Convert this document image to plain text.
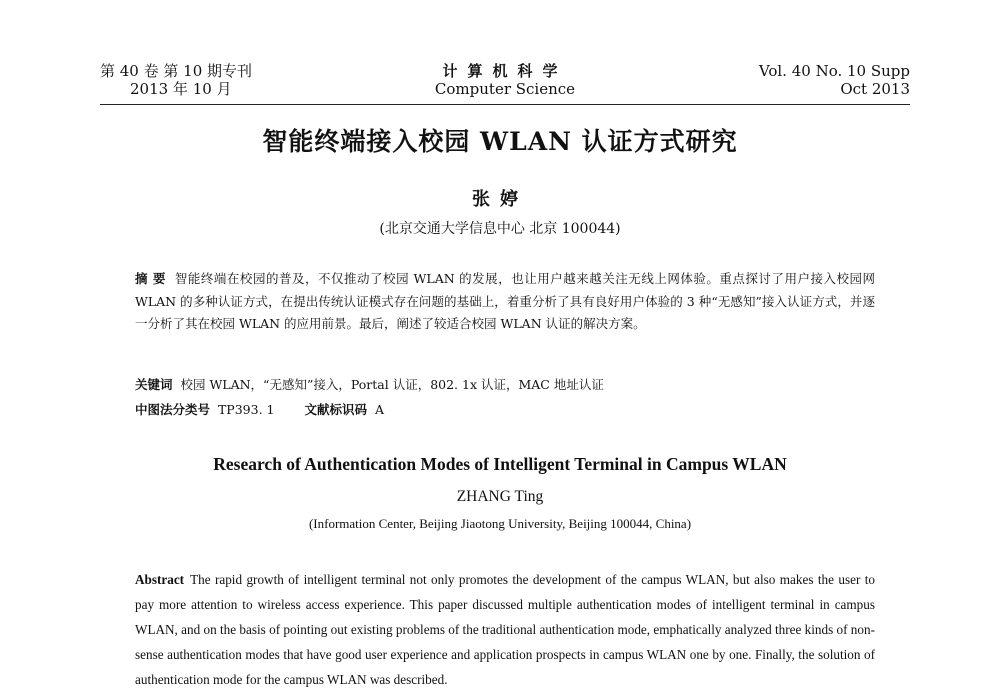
第 40 卷 第 10 期专刊
2013 年 10 月
计算机科学
Computer Science
Vol. 40 No. 10 Supp
Oct 2013
智能终端接入校园 WLAN 认证方式研究
张婷
(北京交通大学信息中心 北京 100044)
摘 要 智能终端在校园的普及，不仅推动了校园 WLAN 的发展，也让用户越来越关注无线上网体验。重点探讨了用户接入校园网 WLAN 的多种认证方式，在提出传统认证模式存在问题的基础上，着重分析了具有良好用户体验的 3 种“无感知”接入认证方式，并逐一分析了其在校园 WLAN 的应用前景。最后，阐述了较适合校园 WLAN 认证的解决方案。
关键词 校园 WLAN，“无感知”接入，Portal 认证，802. 1x 认证，MAC 地址认证
中图法分类号 TP393. 1 文献标识码 A
Research of Authentication Modes of Intelligent Terminal in Campus WLAN
ZHANG Ting
(Information Center, Beijing Jiaotong University, Beijing 100044, China)
Abstract The rapid growth of intelligent terminal not only promotes the development of the campus WLAN, but also makes the user to pay more attention to wireless access experience. This paper discussed multiple authentication modes of intelligent terminal in campus WLAN, and on the basis of pointing out existing problems of the traditional authentication mode, emphatically analyzed three kinds of non-sense authentication modes that have good user experience and application prospects in campus WLAN one by one. Finally, the solution of authentication mode for the campus WLAN was described.
